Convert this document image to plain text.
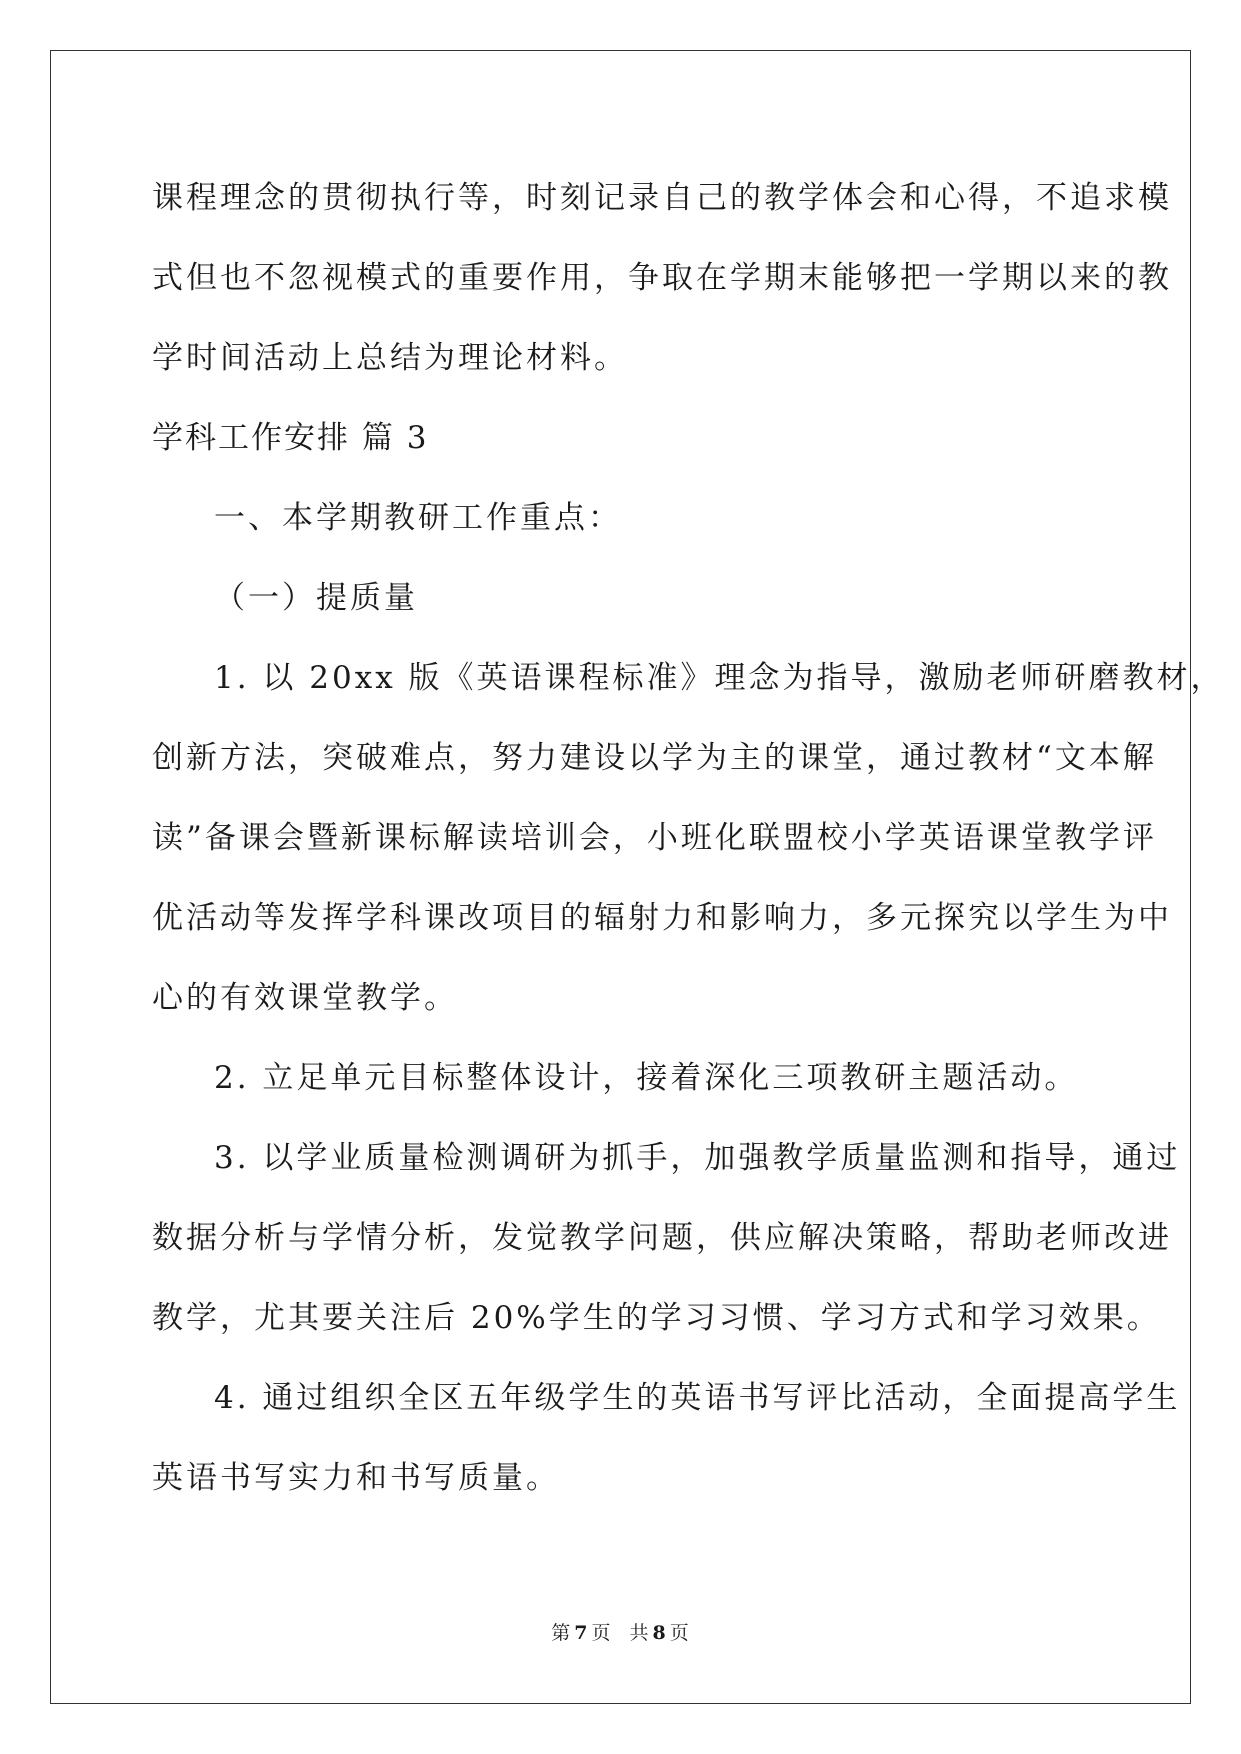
课程理念的贯彻执行等，时刻记录自己的教学体会和心得，不追求模
式但也不忽视模式的重要作用，争取在学期末能够把一学期以来的教
学时间活动上总结为理论材料。
学科工作安排 篇 3
一、本学期教研工作重点：
（一）提质量
1. 以 20xx 版《英语课程标准》理念为指导，激励老师研磨教材，
创新方法，突破难点，努力建设以学为主的课堂，通过教材“文本解
读”备课会暨新课标解读培训会，小班化联盟校小学英语课堂教学评
优活动等发挥学科课改项目的辐射力和影响力，多元探究以学生为中
心的有效课堂教学。
2. 立足单元目标整体设计，接着深化三项教研主题活动。
3. 以学业质量检测调研为抓手，加强教学质量监测和指导，通过
数据分析与学情分析，发觉教学问题，供应解决策略，帮助老师改进
教学，尤其要关注后 20%学生的学习习惯、学习方式和学习效果。
4. 通过组织全区五年级学生的英语书写评比活动，全面提高学生
英语书写实力和书写质量。
第 7 页 共 8 页
